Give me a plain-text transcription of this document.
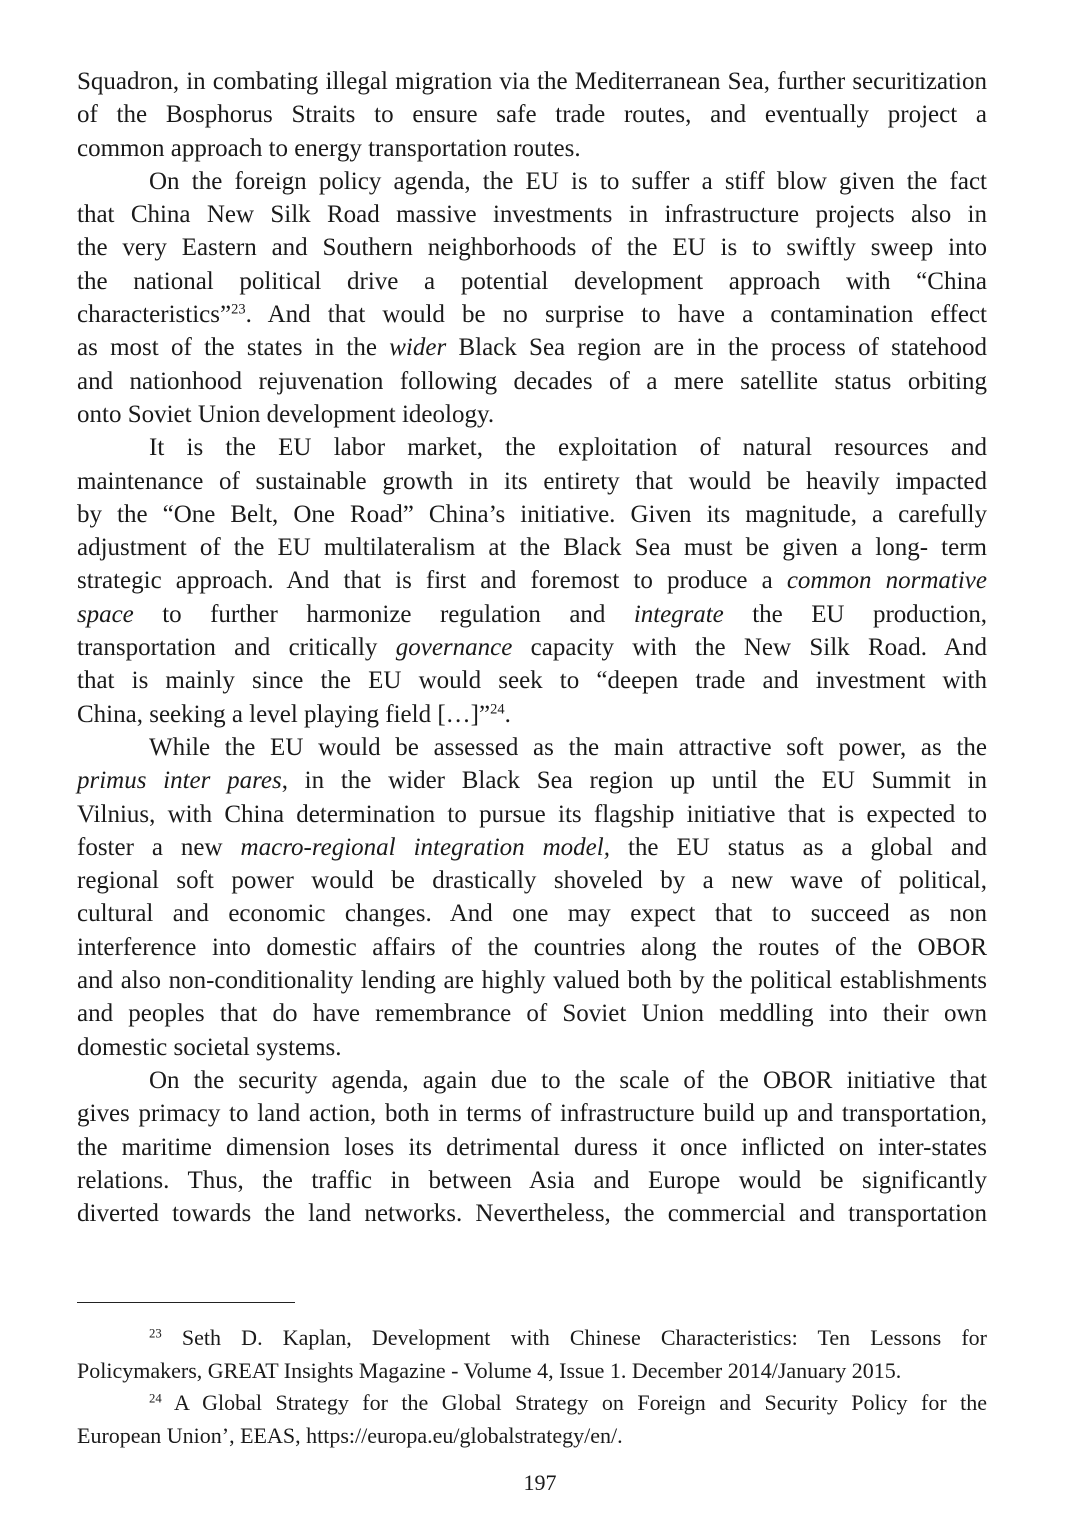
Squadron, in combating illegal migration via the Mediterranean Sea, further securitization
of the Bosphorus Straits to ensure safe trade routes, and eventually project a
common approach to energy transportation routes.
On the foreign policy agenda, the EU is to suffer a stiff blow given the fact
that China New Silk Road massive investments in infrastructure projects also in
the very Eastern and Southern neighborhoods of the EU is to swiftly sweep into
the national political drive a potential development approach with “China
characteristics”$^{23}$. And that would be no surprise to have a contamination effect
as most of the states in the wider Black Sea region are in the process of statehood
and nationhood rejuvenation following decades of a mere satellite status orbiting
onto Soviet Union development ideology.
It is the EU labor market, the exploitation of natural resources and
maintenance of sustainable growth in its entirety that would be heavily impacted
by the “One Belt, One Road” China’s initiative. Given its magnitude, a carefully
adjustment of the EU multilateralism at the Black Sea must be given a long- term
strategic approach. And that is first and foremost to produce a common normative
space to further harmonize regulation and integrate the EU production,
transportation and critically governance capacity with the New Silk Road. And
that is mainly since the EU would seek to “deepen trade and investment with
China, seeking a level playing field […]”$^{24}$.
While the EU would be assessed as the main attractive soft power, as the
primus inter pares, in the wider Black Sea region up until the EU Summit in
Vilnius, with China determination to pursue its flagship initiative that is expected to
foster a new macro-regional integration model, the EU status as a global and
regional soft power would be drastically shoveled by a new wave of political,
cultural and economic changes. And one may expect that to succeed as non
interference into domestic affairs of the countries along the routes of the OBOR
and also non-conditionality lending are highly valued both by the political establishments
and peoples that do have remembrance of Soviet Union meddling into their own
domestic societal systems.
On the security agenda, again due to the scale of the OBOR initiative that
gives primacy to land action, both in terms of infrastructure build up and transportation,
the maritime dimension loses its detrimental duress it once inflicted on inter-states
relations. Thus, the traffic in between Asia and Europe would be significantly
diverted towards the land networks. Nevertheless, the commercial and transportation
$^{23}$ Seth D. Kaplan, Development with Chinese Characteristics: Ten Lessons for
Policymakers, GREAT Insights Magazine - Volume 4, Issue 1. December 2014/January 2015.
$^{24}$ A Global Strategy for the Global Strategy on Foreign and Security Policy for the
European Union’, EEAS, https://europa.eu/globalstrategy/en/.
197
